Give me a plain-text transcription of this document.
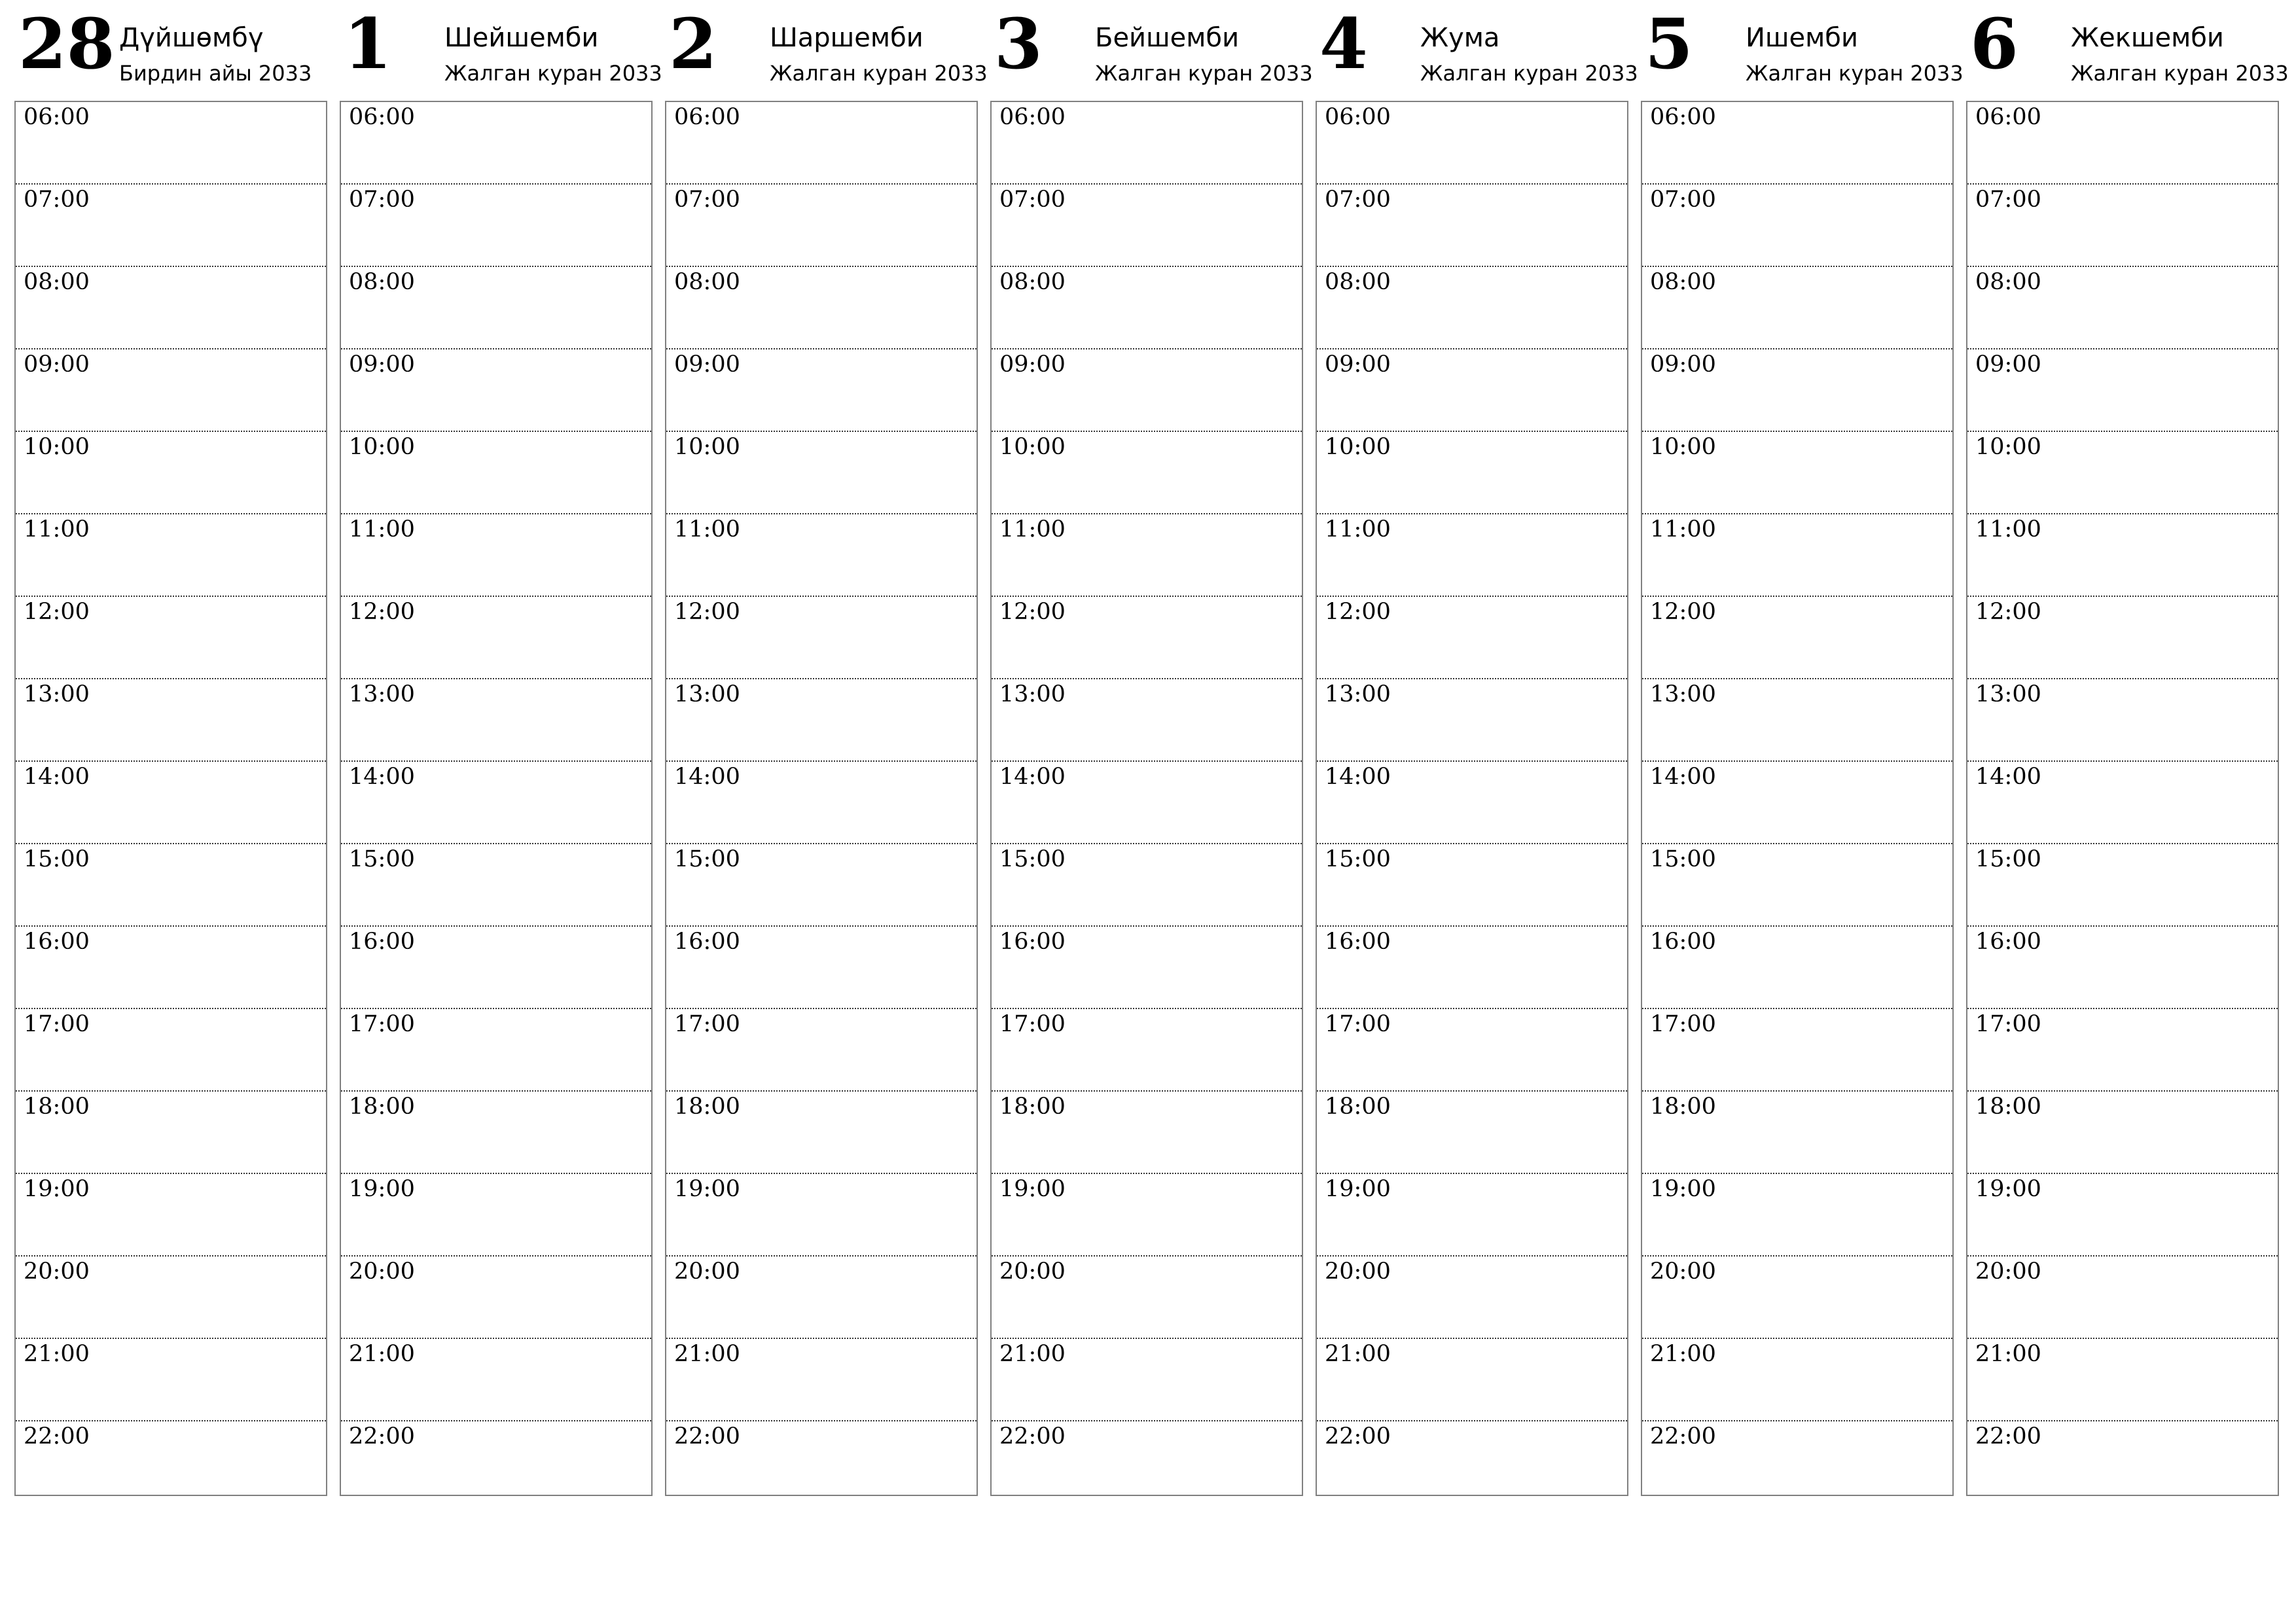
28 Дүйшөмбү
Бирдин айы 2033
06:00
07:00
08:00
09:00
10:00
11:00
12:00
13:00
14:00
15:00
16:00
17:00
18:00
19:00
20:00
21:00
22:00
1 Шейшемби
Жалган куран 2033
06:00
07:00
08:00
09:00
10:00
11:00
12:00
13:00
14:00
15:00
16:00
17:00
18:00
19:00
20:00
21:00
22:00
2 Шаршемби
Жалган куран 2033
06:00
07:00
08:00
09:00
10:00
11:00
12:00
13:00
14:00
15:00
16:00
17:00
18:00
19:00
20:00
21:00
22:00
3 Бейшемби
Жалган куран 2033
06:00
07:00
08:00
09:00
10:00
11:00
12:00
13:00
14:00
15:00
16:00
17:00
18:00
19:00
20:00
21:00
22:00
4 Жума
Жалган куран 2033
06:00
07:00
08:00
09:00
10:00
11:00
12:00
13:00
14:00
15:00
16:00
17:00
18:00
19:00
20:00
21:00
22:00
5 Ишемби
Жалган куран 2033
06:00
07:00
08:00
09:00
10:00
11:00
12:00
13:00
14:00
15:00
16:00
17:00
18:00
19:00
20:00
21:00
22:00
6 Жекшемби
Жалган куран 2033
06:00
07:00
08:00
09:00
10:00
11:00
12:00
13:00
14:00
15:00
16:00
17:00
18:00
19:00
20:00
21:00
22:00
